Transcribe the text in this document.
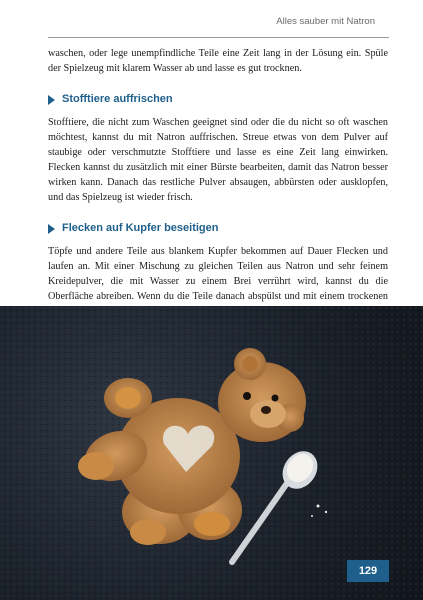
Alles sauber mit Natron

waschen, oder lege unempfindliche Teile eine Zeit lang in der Lösung ein. Spüle der Spielzeug mit klarem Wasser ab und lasse es gut trocknen.

Stofftiere auffrischen

Stofftiere, die nicht zum Waschen geeignet sind oder die du nicht so oft waschen möchtest, kannst du mit Natron auffrischen. Streue etwas von dem Pulver auf staubige oder verschmutzte Stofftiere und lasse es eine Zeit lang einwirken. Flecken kannst du zusätzlich mit einer Bürste bearbeiten, damit das Natron besser wirken kann. Danach das restliche Pulver absaugen, abbürsten oder ausklopfen, und das Spielzeug ist wieder frisch.

Flecken auf Kupfer beseitigen

Töpfe und andere Teile aus blankem Kupfer bekommen auf Dauer Flecken und laufen an. Mit einer Mischung zu gleichen Teilen aus Natron und sehr feinem Kreidepulver, die mit Wasser zu einem Brei verrührt wird, kannst du die Oberfläche abreiben. Wenn du die Teile danach abspülst und mit einem trockenen

129
